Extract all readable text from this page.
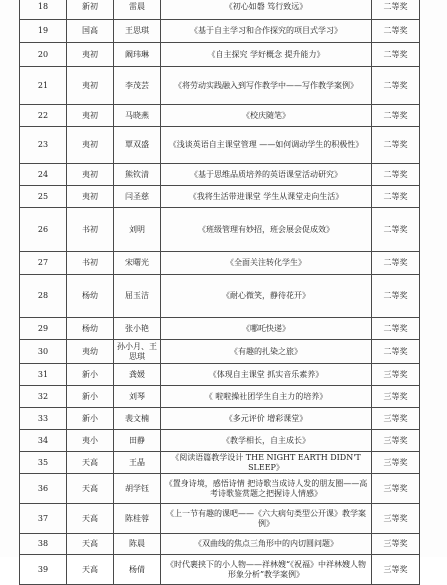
18	新初	雷晨	《初心如磐 笃行致远》	二等奖
19	国高	王思琪	《基于自主学习和合作探究的项目式学习》	二等奖
20	夷初	阚玮琳	《自主探究 学好概念 提升能力》	二等奖
21	夷初	李茂芸	《将劳动实践融入到写作教学中——写作教学案例》	二等奖
22	夷初	马晓燕	《校庆随笔》	二等奖
23	夷初	覃双盛	《浅谈英语自主课堂管理 ——如何调动学生的积极性》	二等奖
24	夷初	熊钦清	《基于思维品质培养的英语课堂活动研究》	二等奖
25	夷初	闫圣慈	《我将生活带进课堂 学生从课堂走向生活》	二等奖
26	书初	刘明	《班级管理有妙招，班会展会促成效》	二等奖
27	书初	宋曙光	《全面关注转化学生》	二等奖
28	杨幼	屈玉洁	《耐心微笑，静待花开》	二等奖
29	杨幼	张小艳	《哪吒快递》	二等奖
30	夷幼	孙小月、王思琪	《有趣的扎染之旅》	二等奖
31	新小	龚媛	《体现自主课堂 抓实音乐素养》	三等奖
32	新小	刘琴	《 啦啦操社团学生自主力的培养》	三等奖
33	新小	裴文楠	《多元评价 增彩课堂》	三等奖
34	夷小	田静	《教学相长，自主成长》	三等奖
35	天高	王晶	《阅读语篇教学设计 THE NIGHT EARTH DIDN'T SLEEP》	三等奖
36	天高	胡学钰	《置身诗境，感悟诗情 把诗歌当成诗人发的朋友圈——高考诗歌鉴赏题之把握诗人情感》	三等奖
37	天高	陈桂蓉	《上一节有趣的课吧——《六大病句类型公开课》教学案例》	三等奖
38	天高	陈晨	《双曲线的焦点三角形中的内切圆问题》	三等奖
39	天高	杨倩	《时代裹挟下的小人物——祥林嫂“《祝福》中祥林嫂人物形象分析”教学案例》	三等奖
